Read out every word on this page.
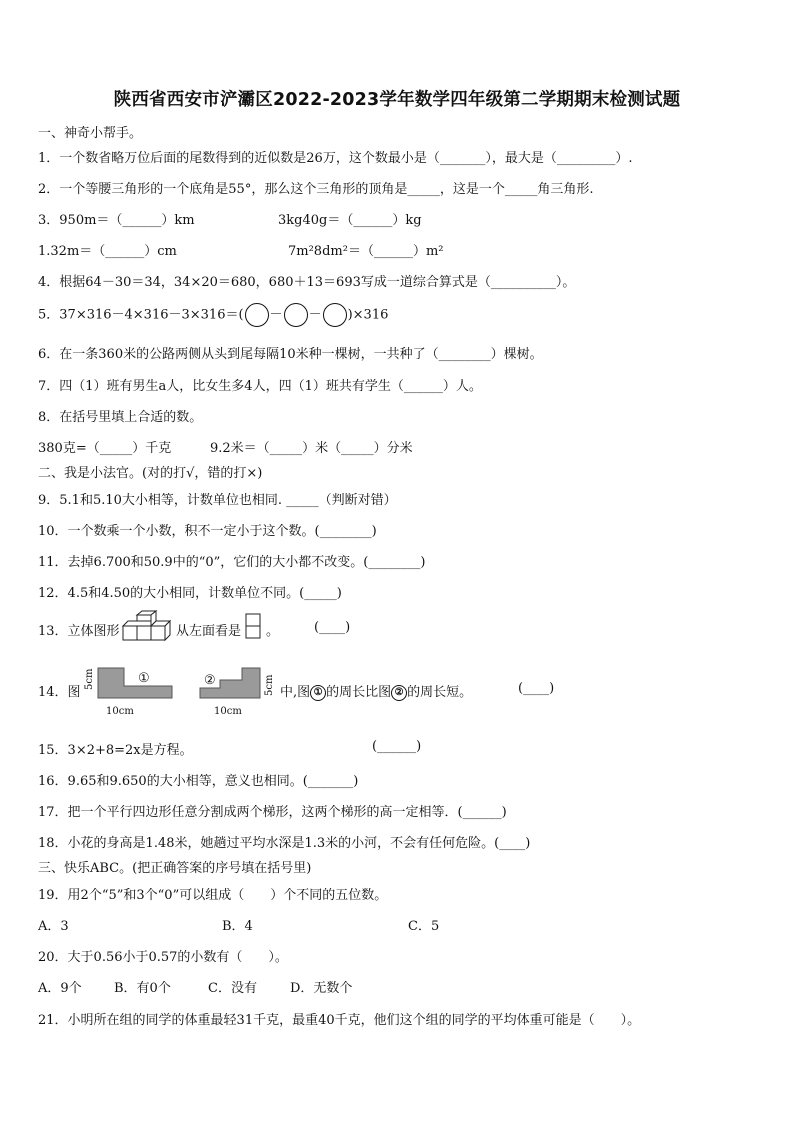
陕西省西安市浐灞区2022-2023学年数学四年级第二学期期末检测试题
一、神奇小帮手。
1．一个数省略万位后面的尾数得到的近似数是26万，这个数最小是（_______），最大是（_________）.
2．一个等腰三角形的一个底角是55°，那么这个三角形的顶角是_____，这是一个_____角三角形.
3．950m＝（______）km	3kg40g＝（______）kg
1.32m＝（______）cm	7m²8dm²＝（______）m²
4．根据64－30＝34，34×20＝680，680＋13＝693写成一道综合算式是（__________）。
5．37×316－4×316－3×316＝( － － )×316
6．在一条360米的公路两侧从头到尾每隔10米种一棵树，一共种了（________）棵树。
7．四（1）班有男生a人，比女生多4人，四（1）班共有学生（______）人。
8．在括号里填上合适的数。
380克=（_____）千克	9.2米＝（_____）米（_____）分米
二、我是小法官。(对的打√，错的打×)
9．5.1和5.10大小相等，计数单位也相同. _____（判断对错）
10．一个数乘一个小数，积不一定小于这个数。(________)
11．去掉6.700和50.9中的“0”，它们的大小都不改变。(________)
12．4.5和4.50的大小相同，计数单位不同。(_____)
13．立体图形	从左面看是 。	(____)
14．图
①
5cm
10cm
②	5cm
10cm
中,图 ① 的周长比图 ② 的周长短。	(____)
15．3×2+8=2x是方程。	(______)
16．9.65和9.650的大小相等，意义也相同。(_______)
17．把一个平行四边形任意分割成两个梯形，这两个梯形的高一定相等．(______)
18．小花的身高是1.48米，她趟过平均水深是1.3米的小河，不会有任何危险。(____)
三、快乐ABC。(把正确答案的序号填在括号里)
19．用2个“5”和3个“0”可以组成（　　）个不同的五位数。
A．3	B．4	C．5
20．大于0.56小于0.57的小数有（　　）。
A．9个 B．有0个	C．没有	D．无数个
21．小明所在组的同学的体重最轻31千克，最重40千克，他们这个组的同学的平均体重可能是（　　）。
